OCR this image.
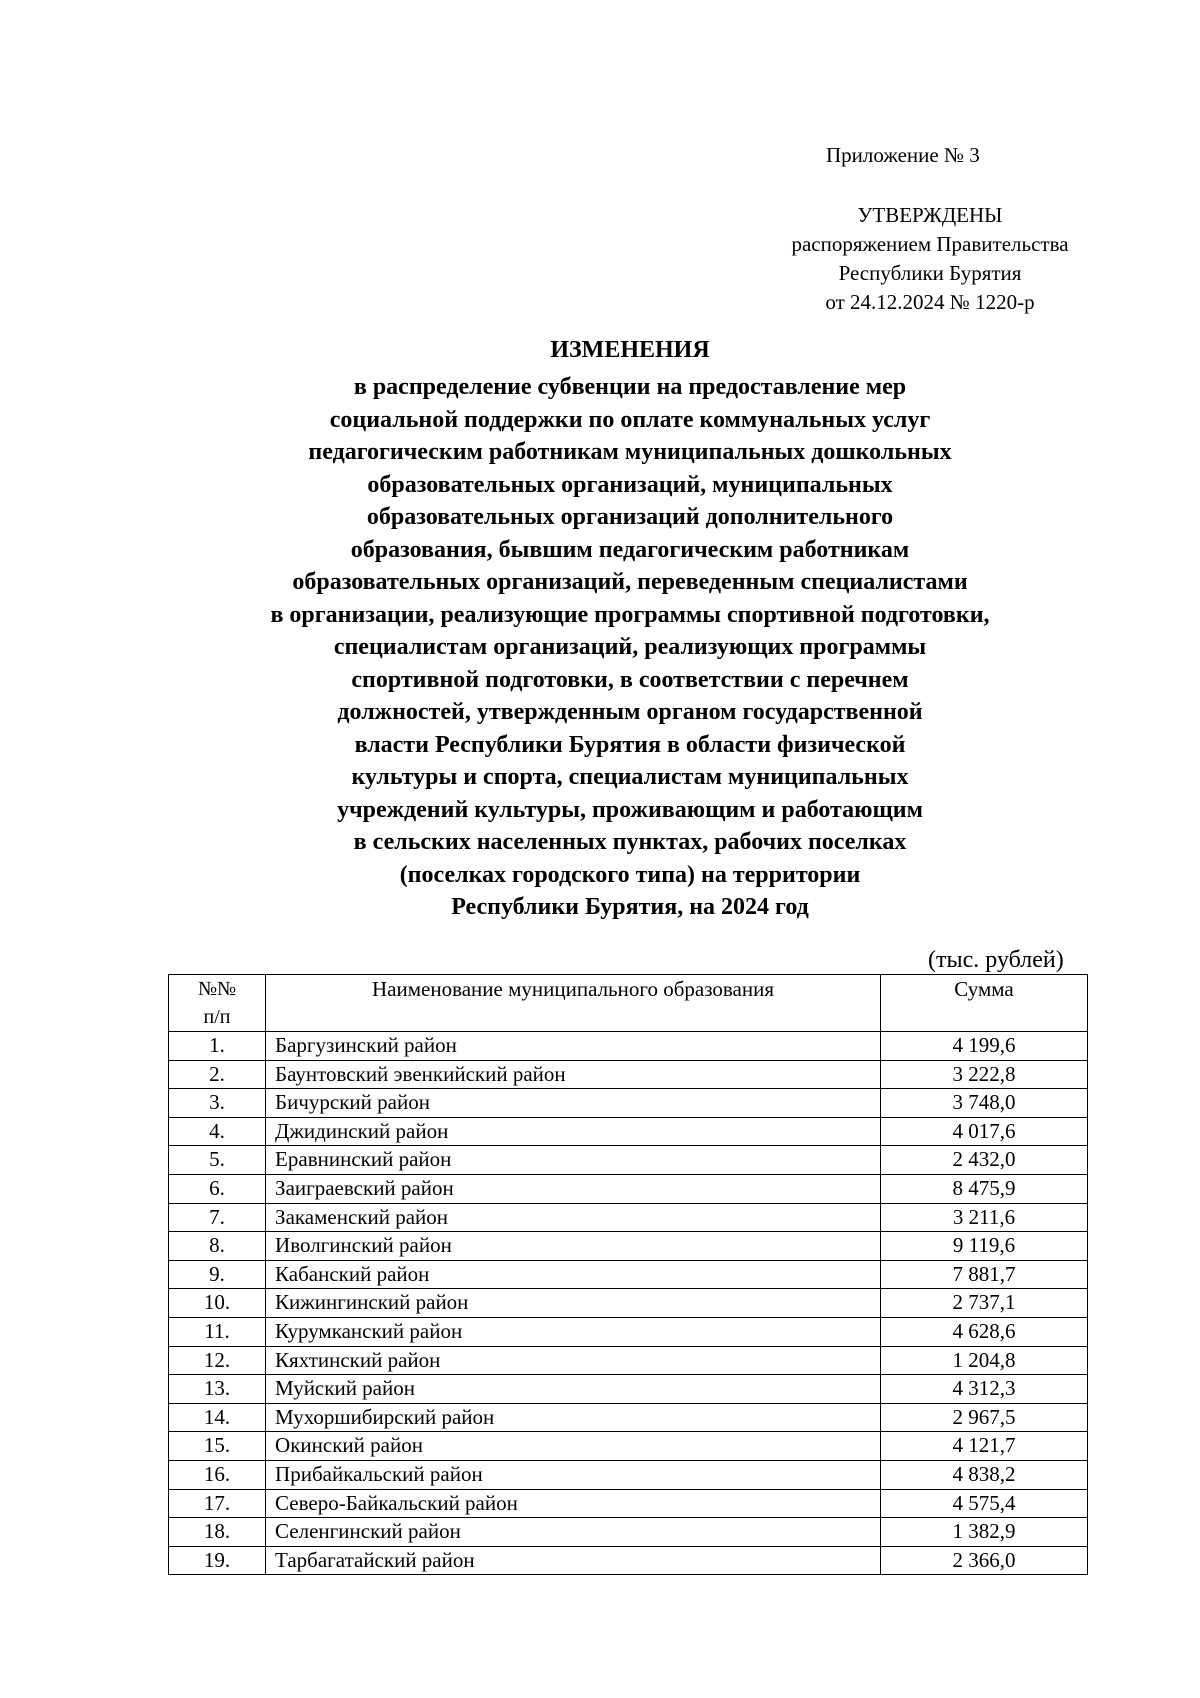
Приложение № 3
УТВЕРЖДЕНЫ
распоряжением Правительства
Республики Бурятия
от 24.12.2024 № 1220-р
ИЗМЕНЕНИЯ
в распределение субвенции на предоставление мер
социальной поддержки по оплате коммунальных услуг
педагогическим работникам муниципальных дошкольных
образовательных организаций, муниципальных
образовательных организаций дополнительного
образования, бывшим педагогическим работникам
образовательных организаций, переведенным специалистами
в организации, реализующие программы спортивной подготовки,
специалистам организаций, реализующих программы
спортивной подготовки, в соответствии с перечнем
должностей, утвержденным органом государственной
власти Республики Бурятия в области физической
культуры и спорта, специалистам муниципальных
учреждений культуры, проживающим и работающим
в сельских населенных пунктах, рабочих поселках
(поселках городского типа) на территории
Республики Бурятия, на 2024 год
(тыс. рублей)
№№
п/п	Наименование муниципального образования	Сумма
1.	Баргузинский район	4 199,6
2.	Баунтовский эвенкийский район	3 222,8
3.	Бичурский район	3 748,0
4.	Джидинский район	4 017,6
5.	Еравнинский район	2 432,0
6.	Заиграевский район	8 475,9
7.	Закаменский район	3 211,6
8.	Иволгинский район	9 119,6
9.	Кабанский район	7 881,7
10.	Кижингинский район	2 737,1
11.	Курумканский район	4 628,6
12.	Кяхтинский район	1 204,8
13.	Муйский район	4 312,3
14.	Мухоршибирский район	2 967,5
15.	Окинский район	4 121,7
16.	Прибайкальский район	4 838,2
17.	Северо-Байкальский район	4 575,4
18.	Селенгинский район	1 382,9
19.	Тарбагатайский район	2 366,0
